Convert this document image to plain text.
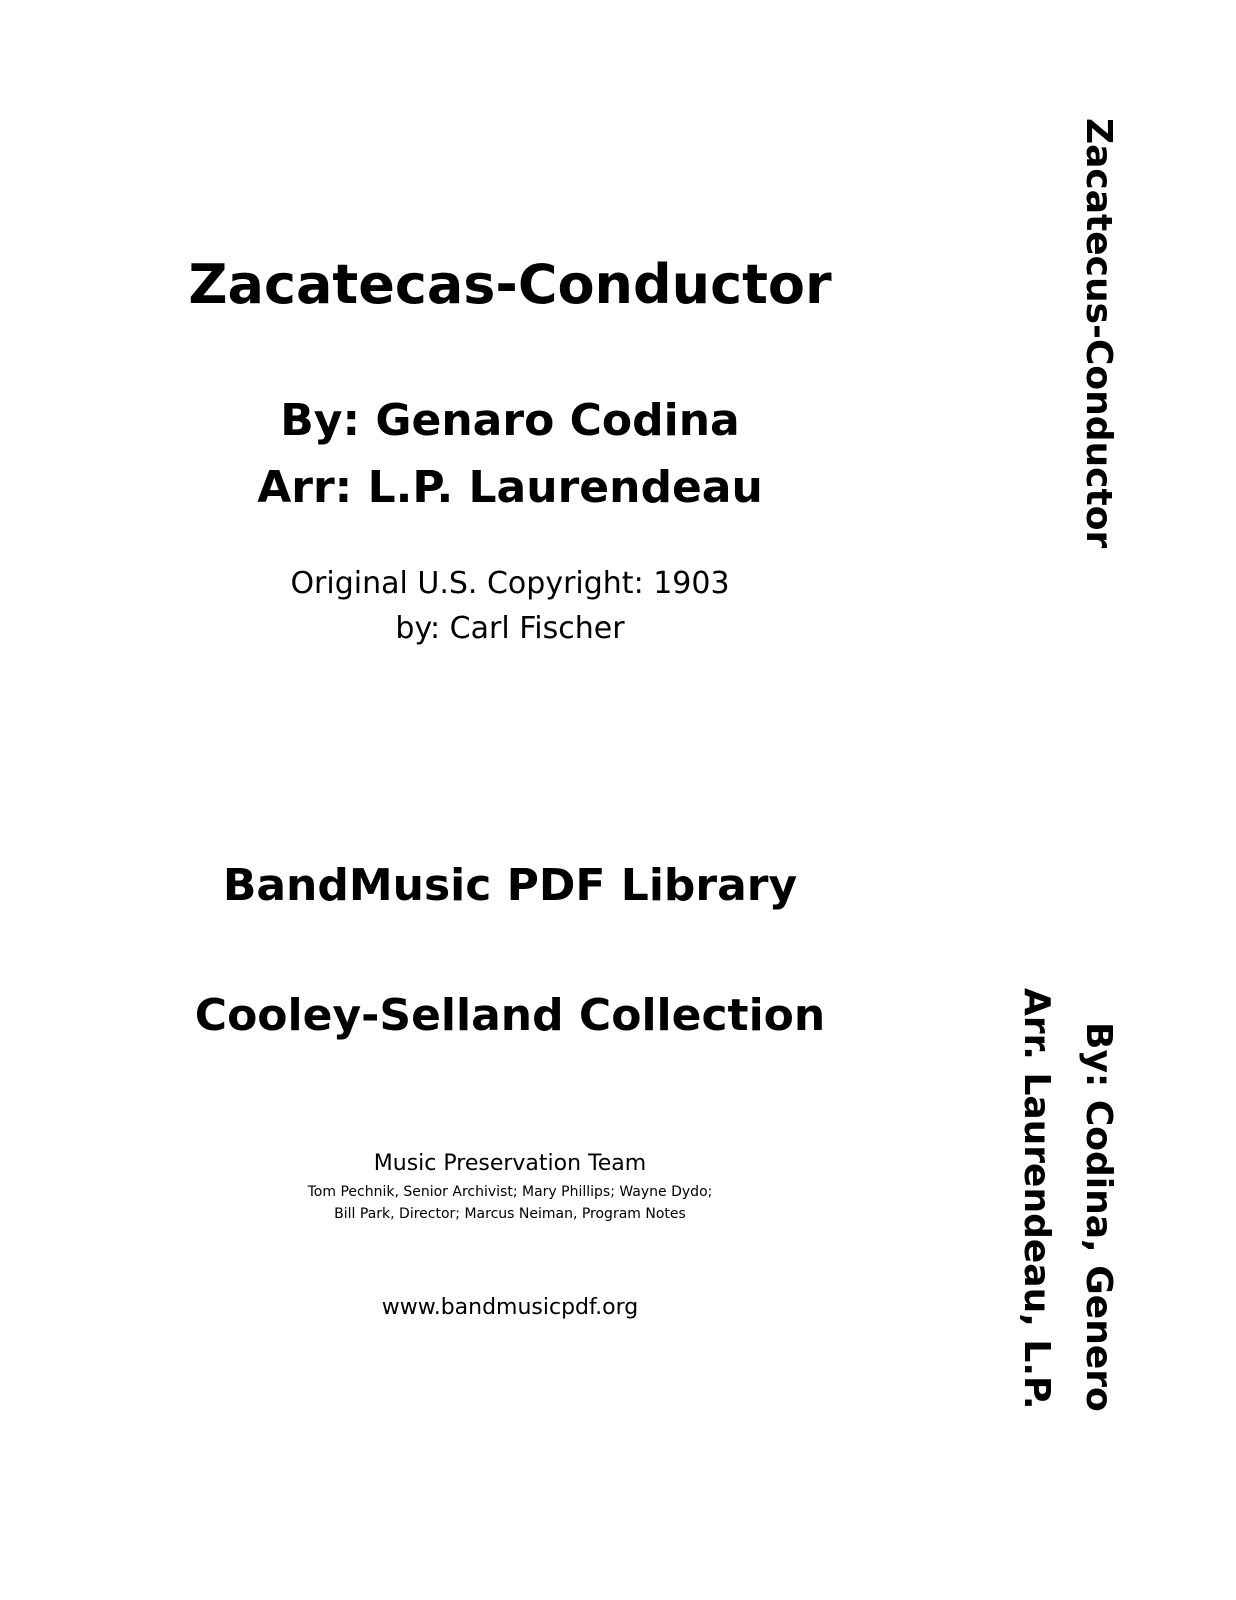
Zacatecas-Conductor
By: Genaro Codina
Arr: L.P. Laurendeau
Original U.S. Copyright: 1903
by: Carl Fischer
BandMusic PDF Library
Cooley-Selland Collection
Music Preservation Team
Tom Pechnik, Senior Archivist; Mary Phillips; Wayne Dydo;
Bill Park, Director; Marcus Neiman, Program Notes
www.bandmusicpdf.org
Zacatecus-Conductor
By: Codina, Genero
Arr. Laurendeau, L.P.
